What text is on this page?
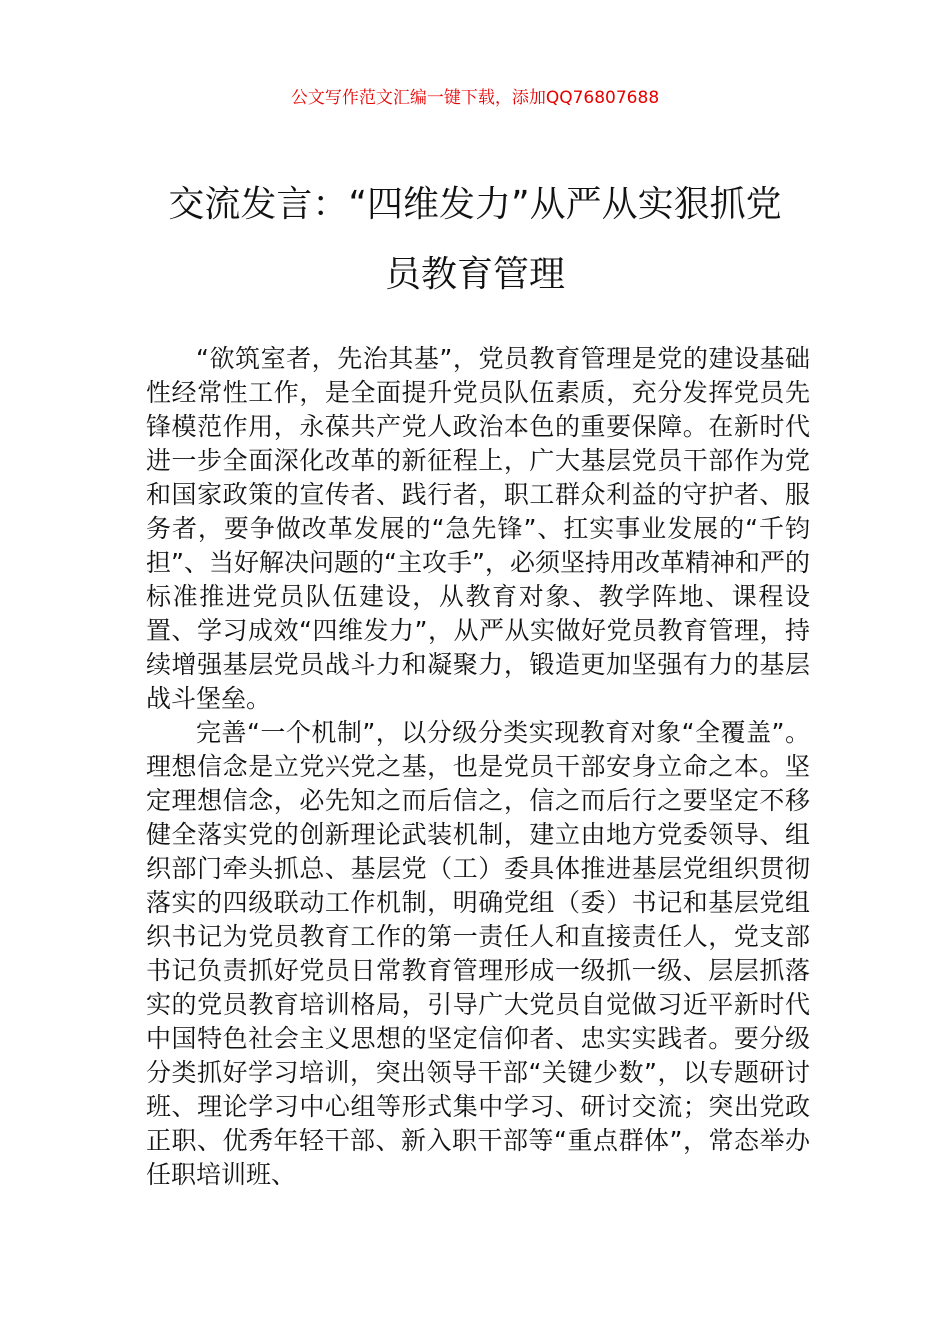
公文写作范文汇编一键下载，添加QQ76807688
交流发言：“四维发力”从严从实狠抓党
员教育管理

“欲筑室者，先治其基”，党员教育管理是党的建设基础性经常性工作，是全面提升党员队伍素质，充分发挥党员先锋模范作用，永葆共产党人政治本色的重要保障。在新时代进一步全面深化改革的新征程上，广大基层党员干部作为党和国家政策的宣传者、践行者，职工群众利益的守护者、服务者，要争做改革发展的“急先锋”、扛实事业发展的“千钧担”、当好解决问题的“主攻手”，必须坚持用改革精神和严的标准推进党员队伍建设，从教育对象、教学阵地、课程设置、学习成效“四维发力”，从严从实做好党员教育管理，持续增强基层党员战斗力和凝聚力，锻造更加坚强有力的基层战斗堡垒。

完善“一个机制”，以分级分类实现教育对象“全覆盖”。理想信念是立党兴党之基，也是党员干部安身立命之本。坚定理想信念，必先知之而后信之，信之而后行之要坚定不移健全落实党的创新理论武装机制，建立由地方党委领导、组织部门牵头抓总、基层党（工）委具体推进基层党组织贯彻落实的四级联动工作机制，明确党组（委）书记和基层党组织书记为党员教育工作的第一责任人和直接责任人，党支部书记负责抓好党员日常教育管理形成一级抓一级、层层抓落实的党员教育培训格局，引导广大党员自觉做习近平新时代中国特色社会主义思想的坚定信仰者、忠实实践者。要分级分类抓好学习培训，突出领导干部“关键少数”，以专题研讨班、理论学习中心组等形式集中学习、研讨交流；突出党政正职、优秀年轻干部、新入职干部等“重点群体”，常态举办任职培训班、
